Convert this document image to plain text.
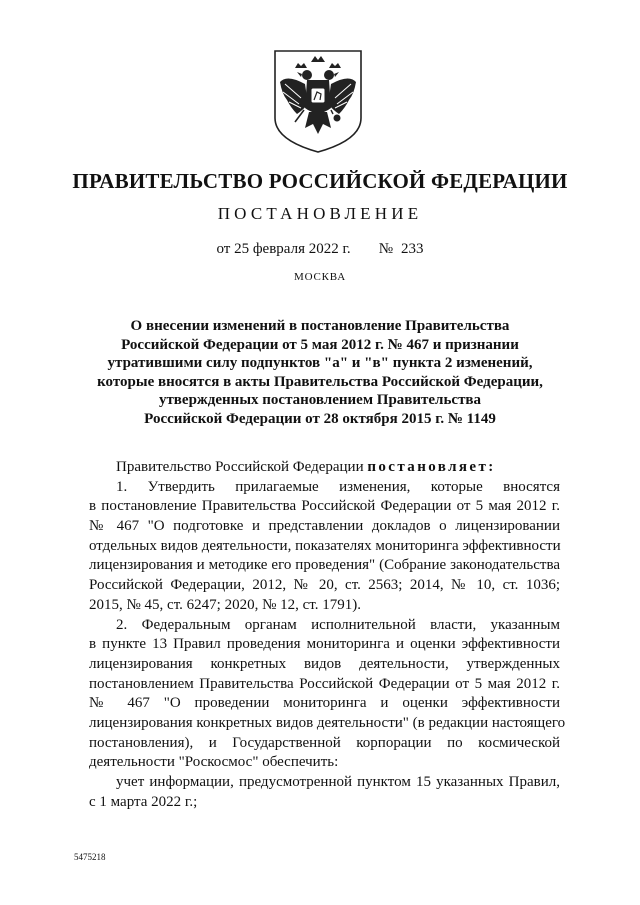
ПРАВИТЕЛЬСТВО РОССИЙСКОЙ ФЕДЕРАЦИИ
ПОСТАНОВЛЕНИЕ
от 25 февраля 2022 г. № 233
МОСКВА
О внесении изменений в постановление Правительства
Российской Федерации от 5 мая 2012 г. № 467 и признании
утратившими силу подпунктов "а" и "в" пункта 2 изменений,
которые вносятся в акты Правительства Российской Федерации,
утвержденных постановлением Правительства
Российской Федерации от 28 октября 2015 г. № 1149
Правительство Российской Федерации постановляет:
1. Утвердить прилагаемые изменения, которые вносятся
в постановление Правительства Российской Федерации от 5 мая 2012 г.
№ 467 "О подготовке и представлении докладов о лицензировании
отдельных видов деятельности, показателях мониторинга эффективности
лицензирования и методике его проведения" (Собрание законодательства
Российской Федерации, 2012, № 20, ст. 2563; 2014, № 10, ст. 1036;
2015, № 45, ст. 6247; 2020, № 12, ст. 1791).
2. Федеральным органам исполнительной власти, указанным
в пункте 13 Правил проведения мониторинга и оценки эффективности
лицензирования конкретных видов деятельности, утвержденных
постановлением Правительства Российской Федерации от 5 мая 2012 г.
№ 467 "О проведении мониторинга и оценки эффективности
лицензирования конкретных видов деятельности" (в редакции настоящего
постановления), и Государственной корпорации по космической
деятельности "Роскосмос" обеспечить:
учет информации, предусмотренной пунктом 15 указанных Правил,
с 1 марта 2022 г.;
5475218
